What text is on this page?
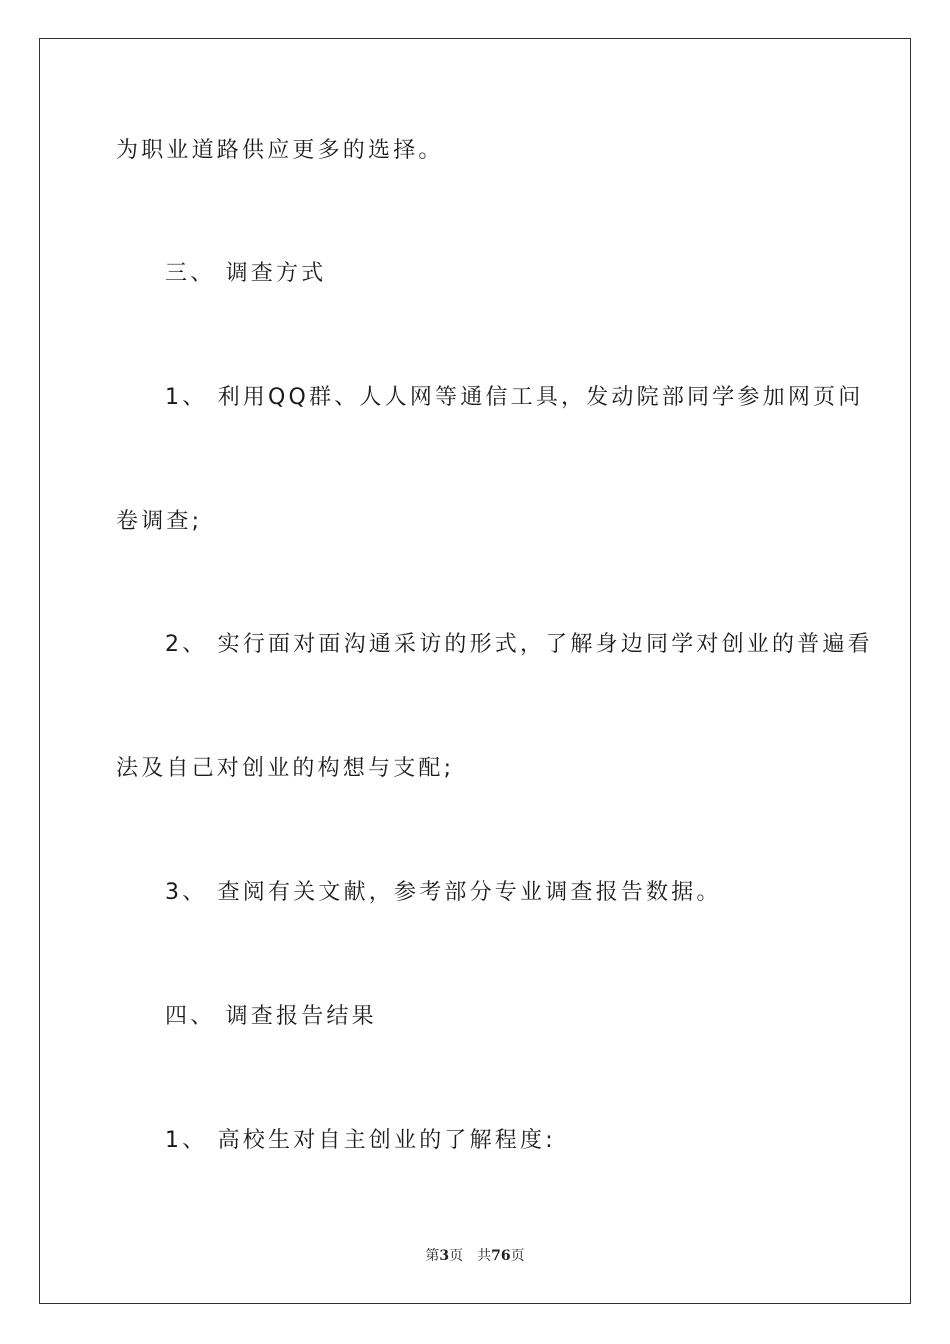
为职业道路供应更多的选择。
三、 调查方式
1、 利用QQ群、人人网等通信工具，发动院部同学参加网页问
卷调查;
2、 实行面对面沟通采访的形式，了解身边同学对创业的普遍看
法及自己对创业的构想与支配;
3、 查阅有关文献，参考部分专业调查报告数据。
四、 调查报告结果
1、 高校生对自主创业的了解程度:
第3页 共76页
